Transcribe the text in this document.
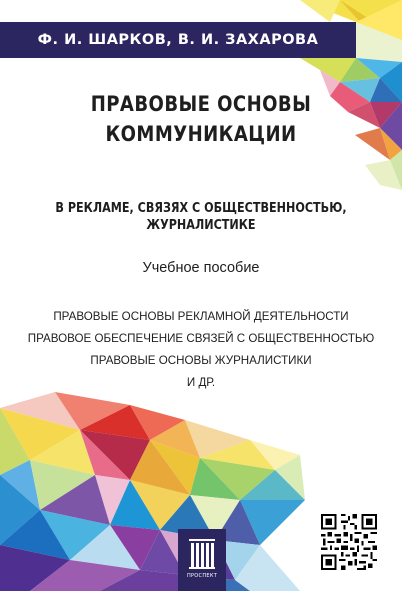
Ф. И. ШАРКОВ, В. И. ЗАХАРОВА
ПРАВОВЫЕ ОСНОВЫ
КОММУНИКАЦИИ
В РЕКЛАМЕ, СВЯЗЯХ С ОБЩЕСТВЕННОСТЬЮ,
ЖУРНАЛИСТИКЕ
Учебное пособие
ПРАВОВЫЕ ОСНОВЫ РЕКЛАМНОЙ ДЕЯТЕЛЬНОСТИ
ПРАВОВОЕ ОБЕСПЕЧЕНИЕ СВЯЗЕЙ С ОБЩЕСТВЕННОСТЬЮ
ПРАВОВЫЕ ОСНОВЫ ЖУРНАЛИСТИКИ
И ДР.
ПРОСПЕКТ
